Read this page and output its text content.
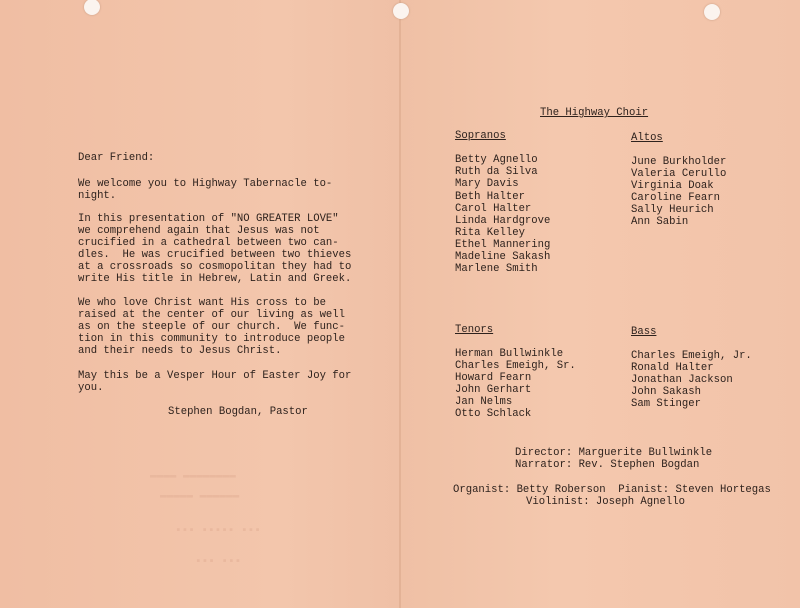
▬▬▬▬ ▬▬▬▬▬▬▬▬
▬▬▬▬▬ ▬▬▬▬▬▬
▪▪▪ ▪▪▪▪▪ ▪▪▪
▪▪▪ ▪▪▪
Dear Friend:
We welcome you to Highway Tabernacle to-
night.
In this presentation of "NO GREATER LOVE"
we comprehend again that Jesus was not
crucified in a cathedral between two can-
dles.  He was crucified between two thieves
at a crossroads so cosmopolitan they had to
write His title in Hebrew, Latin and Greek.
We who love Christ want His cross to be
raised at the center of our living as well
as on the steeple of our church.  We func-
tion in this community to introduce people
and their needs to Jesus Christ.
May this be a Vesper Hour of Easter Joy for
you.
Stephen Bogdan, Pastor
The Highway Choir
Sopranos
Betty Agnello
Ruth da Silva
Mary Davis
Beth Halter
Carol Halter
Linda Hardgrove
Rita Kelley
Ethel Mannering
Madeline Sakash
Marlene Smith
Altos
June Burkholder
Valeria Cerullo
Virginia Doak
Caroline Fearn
Sally Heurich
Ann Sabin
Tenors
Herman Bullwinkle
Charles Emeigh, Sr.
Howard Fearn
John Gerhart
Jan Nelms
Otto Schlack
Bass
Charles Emeigh, Jr.
Ronald Halter
Jonathan Jackson
John Sakash
Sam Stinger
Director: Marguerite Bullwinkle
Narrator: Rev. Stephen Bogdan
Organist: Betty Roberson  Pianist: Steven Hortegas
Violinist: Joseph Agnello
